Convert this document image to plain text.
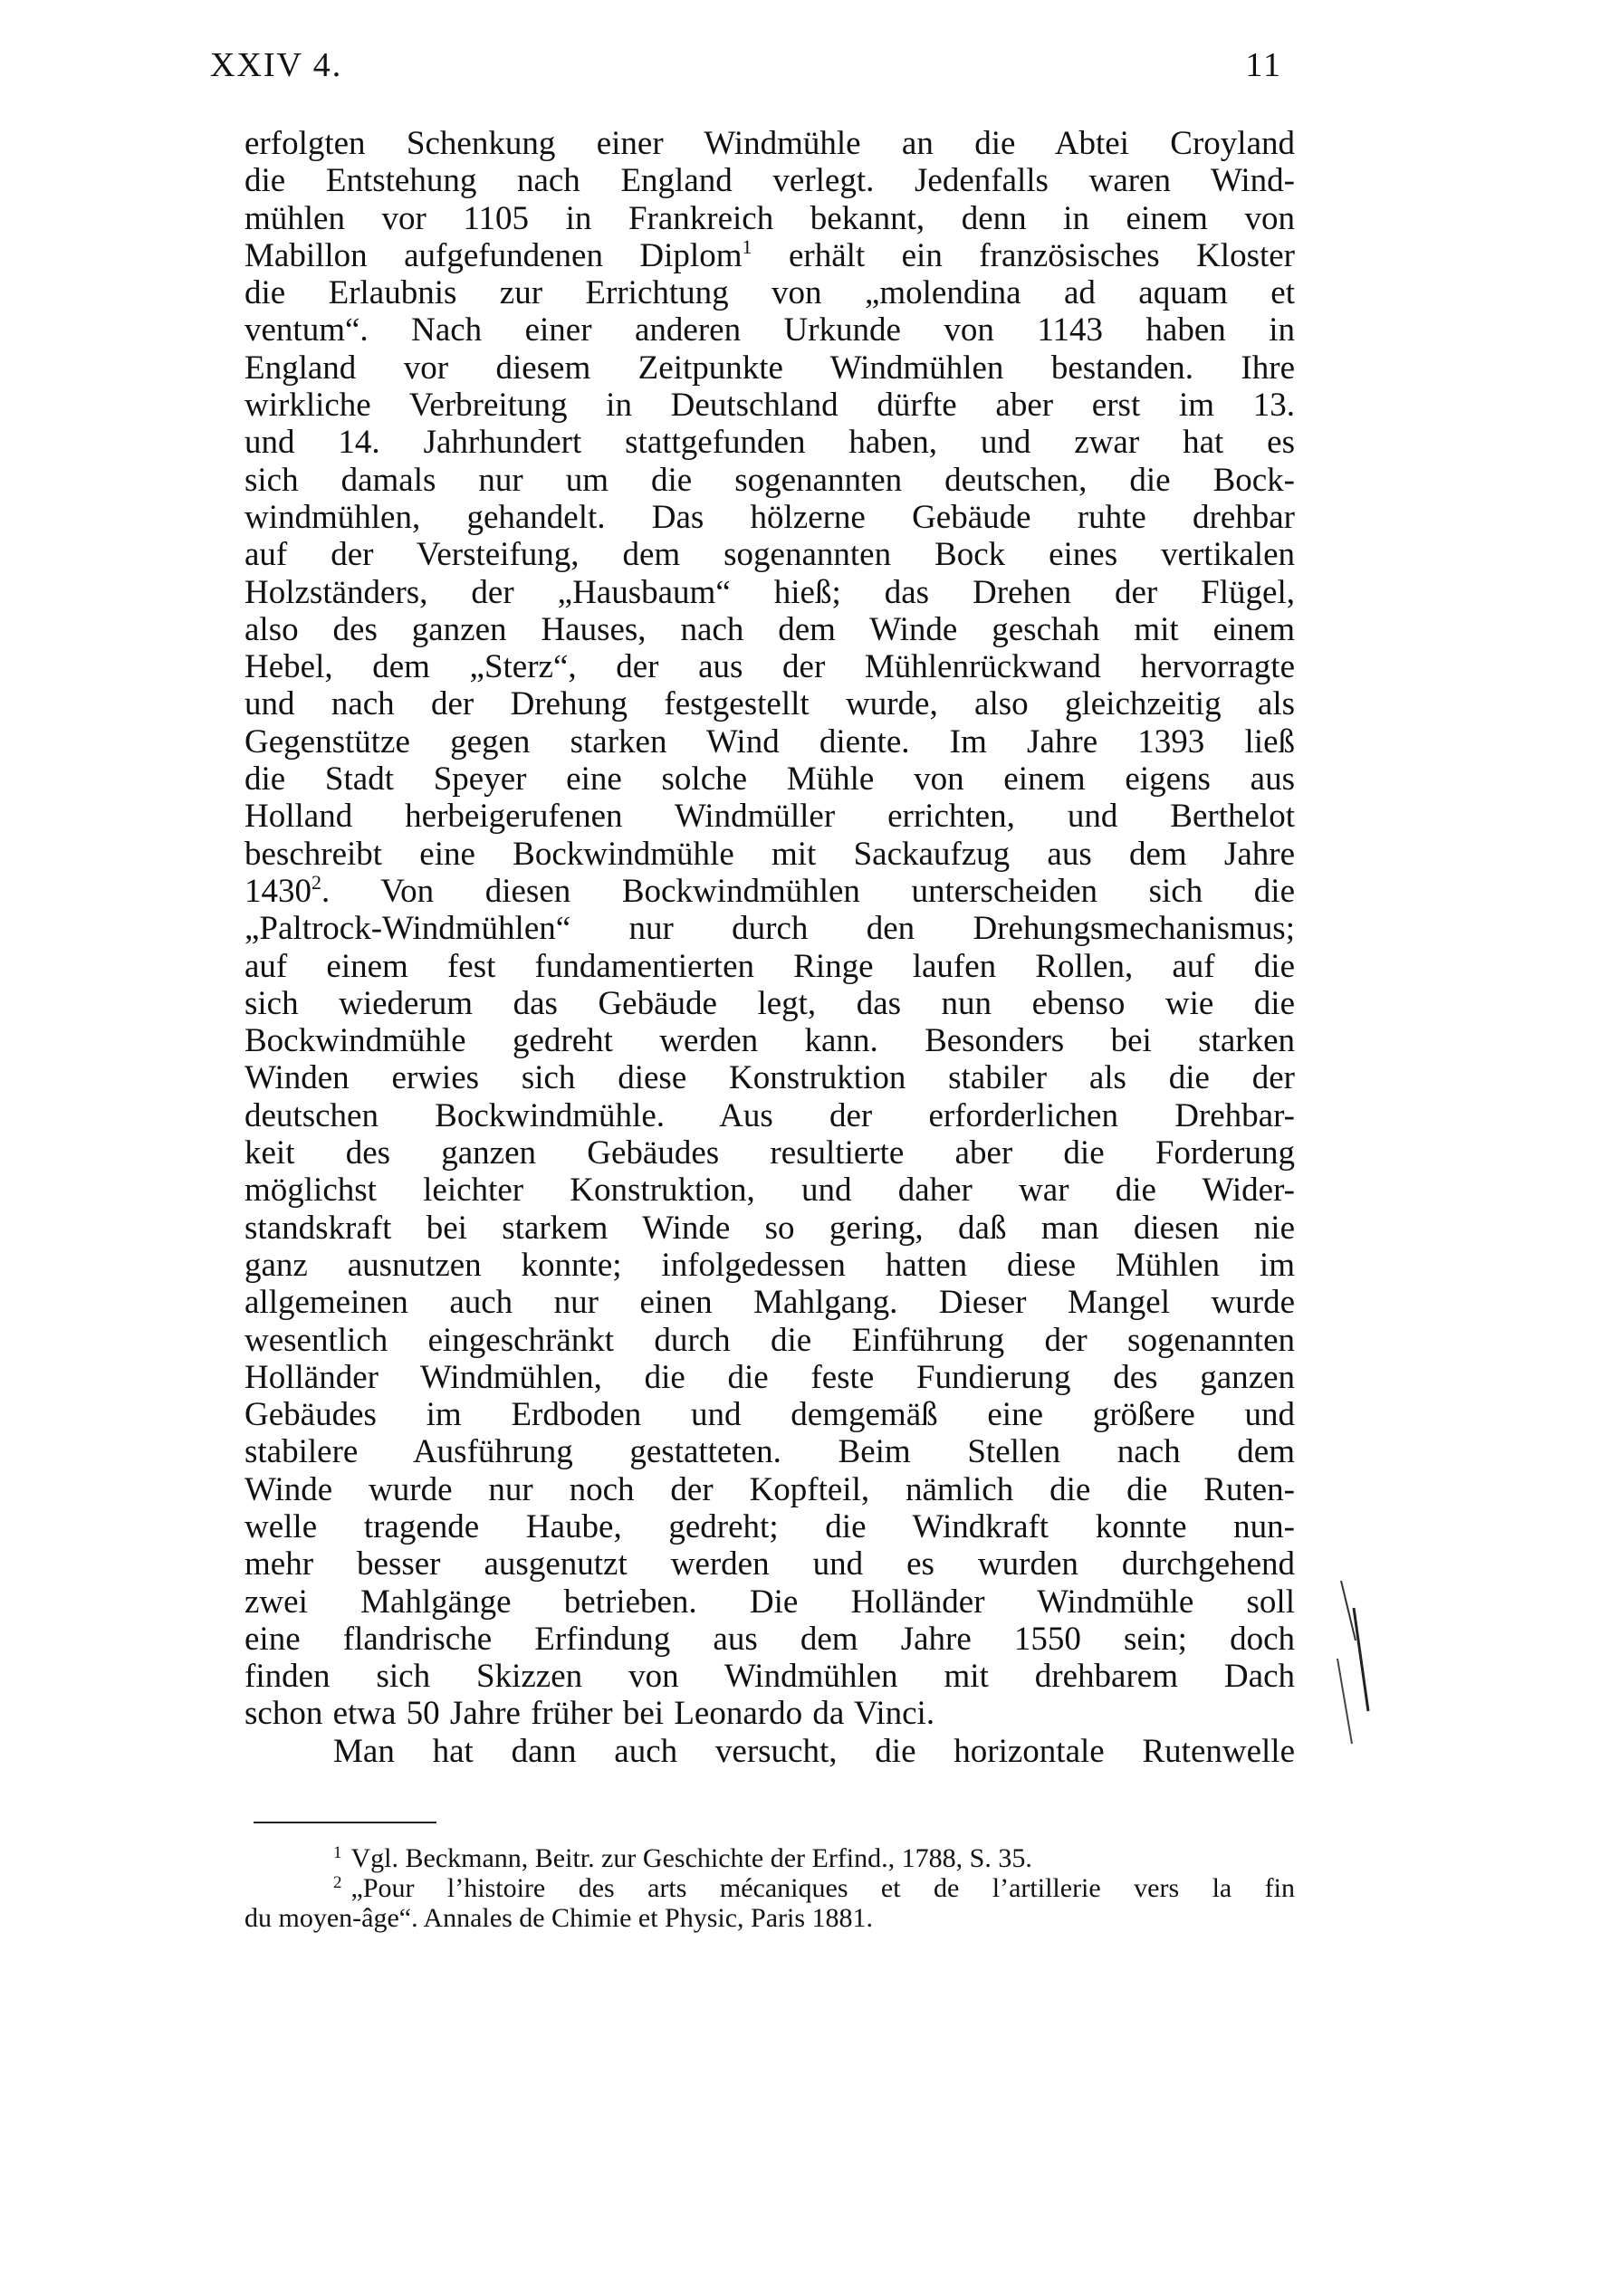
XXIV 4.	11
erfolgten Schenkung einer Windmühle an die Abtei Croyland
die Entstehung nach England verlegt. Jedenfalls waren Wind-
mühlen vor 1105 in Frankreich bekannt, denn in einem von
Mabillon aufgefundenen Diplom$^1$ erhält ein französisches Kloster
die Erlaubnis zur Errichtung von „molendina ad aquam et
ventum“. Nach einer anderen Urkunde von 1143 haben in
England vor diesem Zeitpunkte Windmühlen bestanden. Ihre
wirkliche Verbreitung in Deutschland dürfte aber erst im 13.
und 14. Jahrhundert stattgefunden haben, und zwar hat es
sich damals nur um die sogenannten deutschen, die Bock-
windmühlen, gehandelt. Das hölzerne Gebäude ruhte drehbar
auf der Versteifung, dem sogenannten Bock eines vertikalen
Holzständers, der „Hausbaum“ hieß; das Drehen der Flügel,
also des ganzen Hauses, nach dem Winde geschah mit einem
Hebel, dem „Sterz“, der aus der Mühlenrückwand hervorragte
und nach der Drehung festgestellt wurde, also gleichzeitig als
Gegenstütze gegen starken Wind diente. Im Jahre 1393 ließ
die Stadt Speyer eine solche Mühle von einem eigens aus
Holland herbeigerufenen Windmüller errichten, und Berthelot
beschreibt eine Bockwindmühle mit Sackaufzug aus dem Jahre
1430$^2$. Von diesen Bockwindmühlen unterscheiden sich die
„Paltrock-Windmühlen“ nur durch den Drehungsmechanismus;
auf einem fest fundamentierten Ringe laufen Rollen, auf die
sich wiederum das Gebäude legt, das nun ebenso wie die
Bockwindmühle gedreht werden kann. Besonders bei starken
Winden erwies sich diese Konstruktion stabiler als die der
deutschen Bockwindmühle. Aus der erforderlichen Drehbar-
keit des ganzen Gebäudes resultierte aber die Forderung
möglichst leichter Konstruktion, und daher war die Wider-
standskraft bei starkem Winde so gering, daß man diesen nie
ganz ausnutzen konnte; infolgedessen hatten diese Mühlen im
allgemeinen auch nur einen Mahlgang. Dieser Mangel wurde
wesentlich eingeschränkt durch die Einführung der sogenannten
Holländer Windmühlen, die die feste Fundierung des ganzen
Gebäudes im Erdboden und demgemäß eine größere und
stabilere Ausführung gestatteten. Beim Stellen nach dem
Winde wurde nur noch der Kopfteil, nämlich die die Ruten-
welle tragende Haube, gedreht; die Windkraft konnte nun-
mehr besser ausgenutzt werden und es wurden durchgehend
zwei Mahlgänge betrieben. Die Holländer Windmühle soll
eine flandrische Erfindung aus dem Jahre 1550 sein; doch
finden sich Skizzen von Windmühlen mit drehbarem Dach
schon etwa 50 Jahre früher bei Leonardo da Vinci.
Man hat dann auch versucht, die horizontale Rutenwelle
$^1$ Vgl. Beckmann, Beitr. zur Geschichte der Erfind., 1788, S. 35.
$^2$ „Pour l’histoire des arts mécaniques et de l’artillerie vers la fin
du moyen-âge“. Annales de Chimie et Physic, Paris 1881.
